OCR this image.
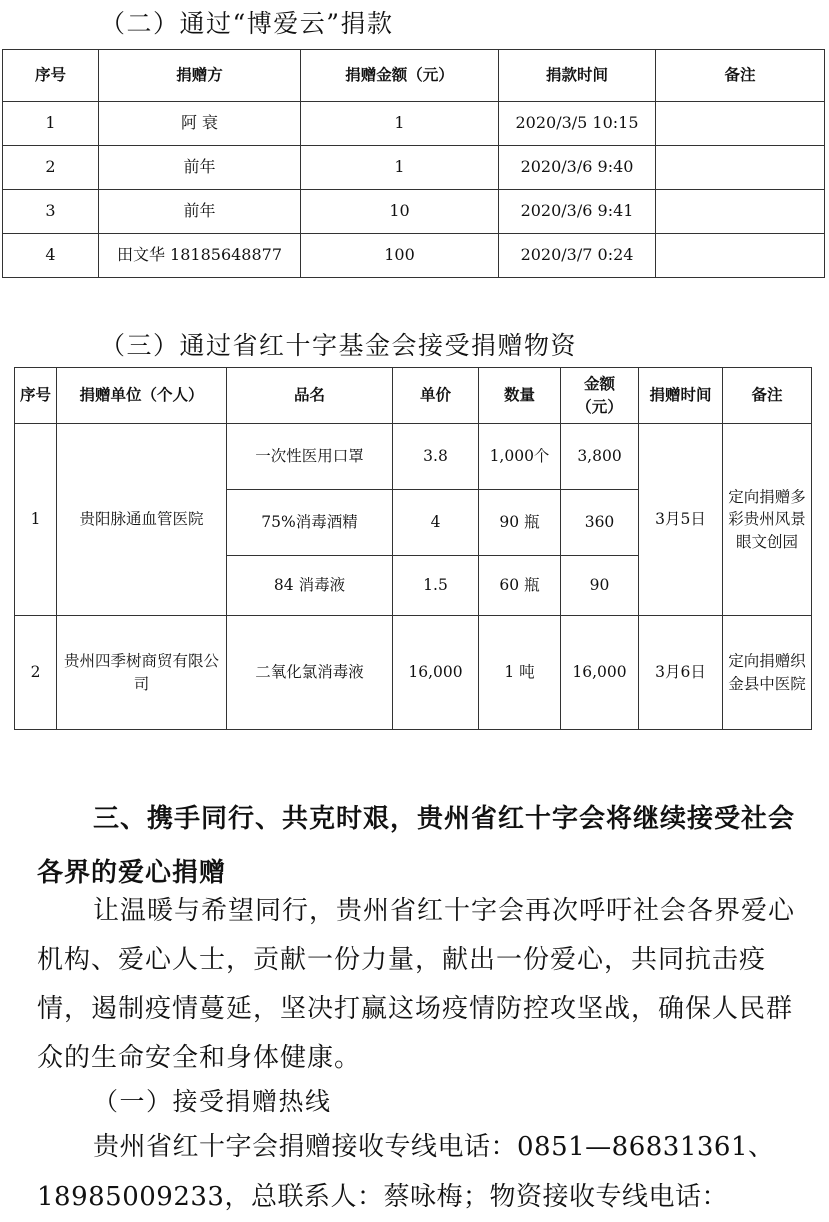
（二）通过“博爱云”捐款
序号	捐赠方	捐赠金额（元）	捐款时间	备注
1	阿 衰	1	2020/3/5 10:15	
2	前年	1	2020/3/6 9:40	
3	前年	10	2020/3/6 9:41	
4	田文华 18185648877	100	2020/3/7 0:24	
（三）通过省红十字基金会接受捐赠物资
序号	捐赠单位（个人）	品名	单价	数量	金额（元）	捐赠时间	备注
1	贵阳脉通血管医院	一次性医用口罩	3.8	1,000个	3,800	3月5日	定向捐赠多彩贵州风景眼文创园
		75%消毒酒精	4	90 瓶	360		
		84 消毒液	1.5	60 瓶	90		
2	贵州四季树商贸有限公司	二氧化氯消毒液	16,000	1 吨	16,000	3月6日	定向捐赠织金县中医院
三、携手同行、共克时艰，贵州省红十字会将继续接受社会各界的爱心捐赠
让温暖与希望同行，贵州省红十字会再次呼吁社会各界爱心机构、爱心人士，贡献一份力量，献出一份爱心，共同抗击疫情，遏制疫情蔓延，坚决打赢这场疫情防控攻坚战，确保人民群众的生命安全和身体健康。
（一）接受捐赠热线
贵州省红十字会捐赠接收专线电话：0851—86831361、18985009233，总联系人：蔡咏梅；物资接收专线电话：
